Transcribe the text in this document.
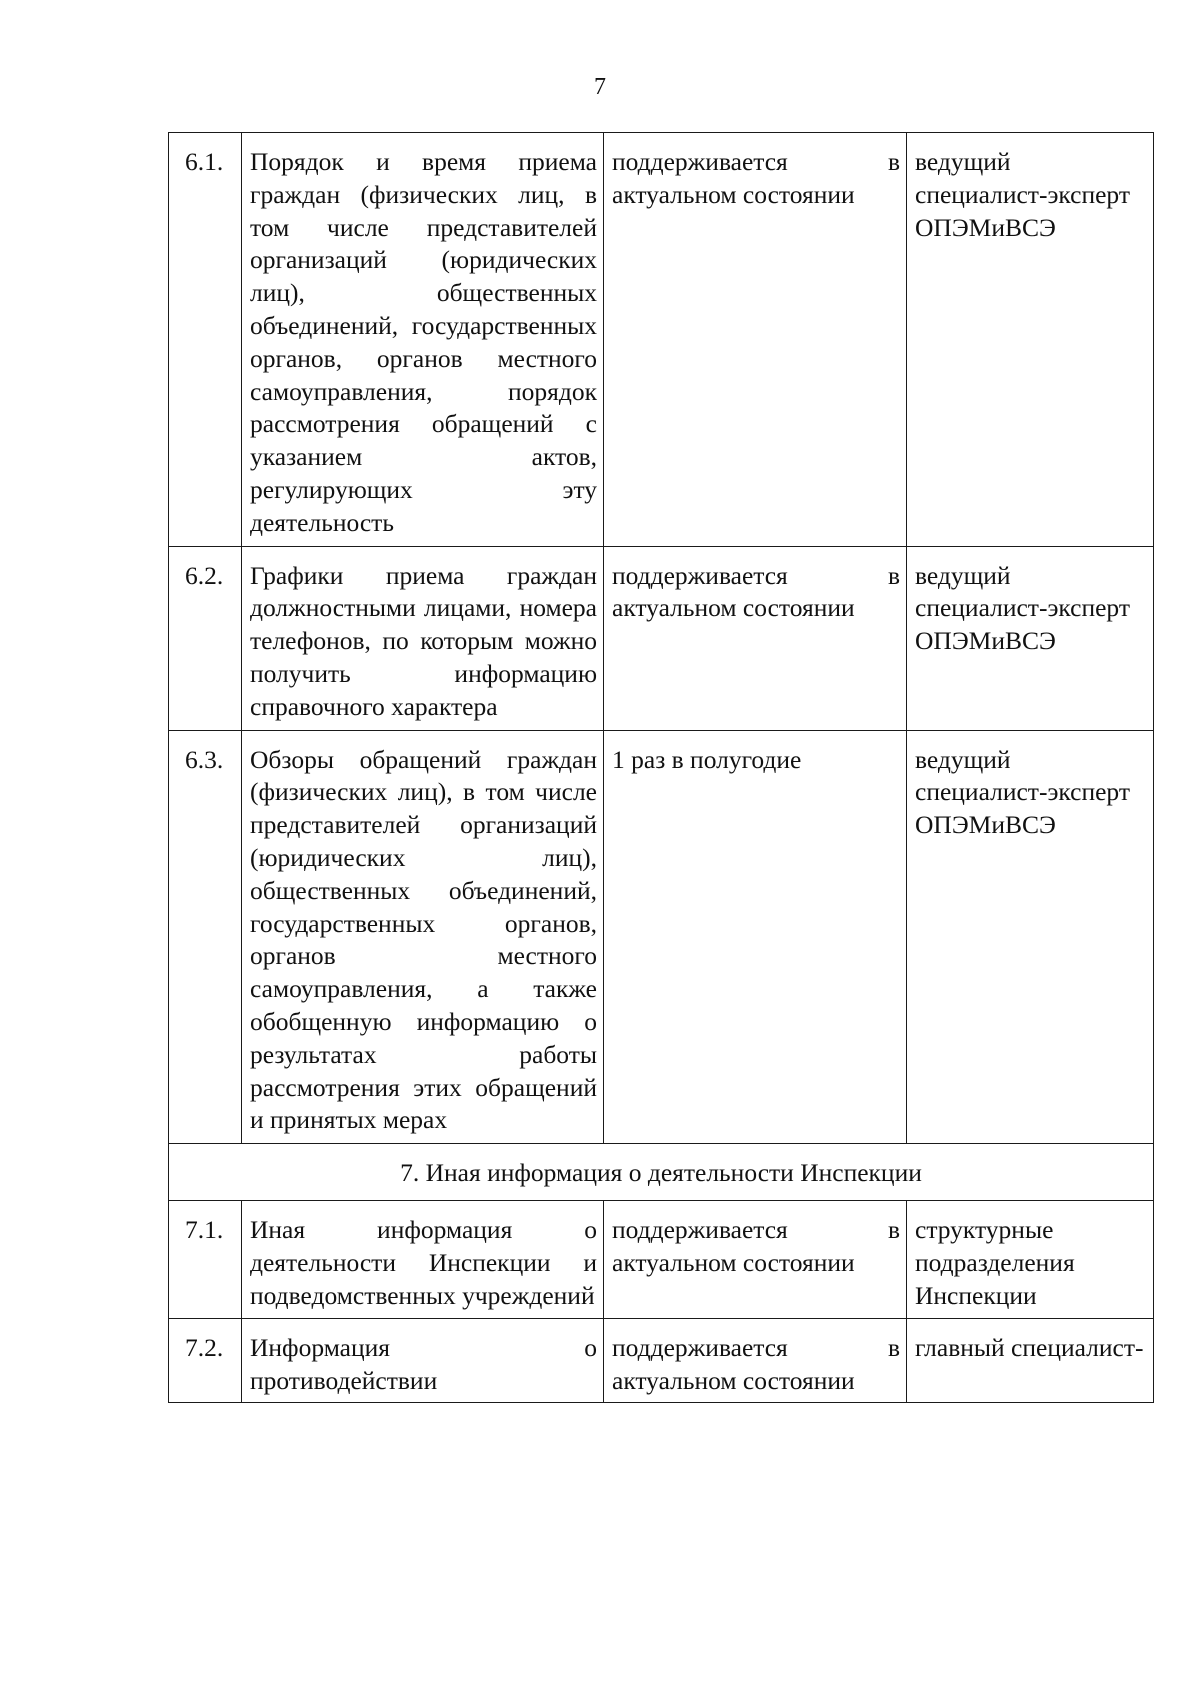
7
6.1.	Порядок и время приема граждан (физических лиц, в том числе представителей организаций (юридических лиц), общественных объединений, государственных органов, органов местного самоуправления, порядок рассмотрения обращений с указанием актов, регулирующих эту деятельность	поддерживается в актуальном состоянии	ведущий специалист-эксперт ОПЭМиВСЭ
6.2.	Графики приема граждан должностными лицами, номера телефонов, по которым можно получить информацию справочного характера	поддерживается в актуальном состоянии	ведущий специалист-эксперт ОПЭМиВСЭ
6.3.	Обзоры обращений граждан (физических лиц), в том числе представителей организаций (юридических лиц), общественных объединений, государственных органов, органов местного самоуправления, а также обобщенную информацию о результатах работы рассмотрения этих обращений и принятых мерах	1 раз в полугодие	ведущий специалист-эксперт ОПЭМиВСЭ
7. Иная информация о деятельности Инспекции			
7.1.	Иная информация о деятельности Инспекции и подведомственных учреждений	поддерживается в актуальном состоянии	структурные подразделения Инспекции
7.2.	Информация о противодействии	поддерживается в актуальном состоянии	главный специалист-
